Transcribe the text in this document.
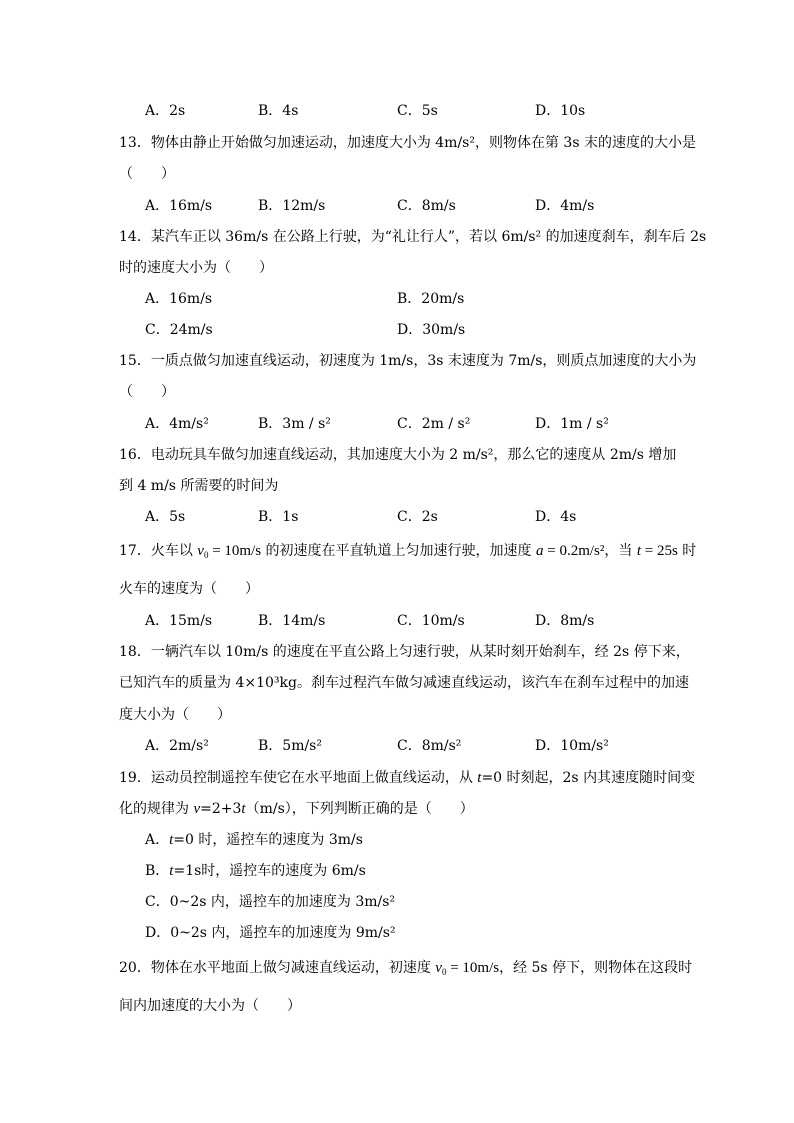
A．2s	B．4s	C．5s	D．10s
13．物体由静止开始做匀加速运动，加速度大小为 4m/s²，则物体在第 3s 末的速度的大小是
（　　）
A．16m/s	B．12m/s	C．8m/s	D．4m/s
14．某汽车正以 36m/s 在公路上行驶，为“礼让行人”，若以 6m/s² 的加速度刹车，刹车后 2s
时的速度大小为（　　）
A．16m/s	B．20m/s
C．24m/s	D．30m/s
15．一质点做匀加速直线运动，初速度为 1m/s，3s 末速度为 7m/s，则质点加速度的大小为
（　　）
A．4m/s²	B．3m / s²	C．2m / s²	D．1m / s²
16．电动玩具车做匀加速直线运动，其加速度大小为 2 m/s²，那么它的速度从 2m/s 增加
到 4 m/s 所需要的时间为
A．5s	B．1s	C．2s	D．4s
17．火车以 $v_0 = 10m/s$ 的初速度在平直轨道上匀加速行驶，加速度 a = 0.2m/s²，当 t = 25s 时
火车的速度为（　　）
A．15m/s	B．14m/s	C．10m/s	D．8m/s
18．一辆汽车以 10m/s 的速度在平直公路上匀速行驶，从某时刻开始刹车，经 2s 停下来，
已知汽车的质量为 4×10³kg。刹车过程汽车做匀减速直线运动，该汽车在刹车过程中的加速
度大小为（　　）
A．2m/s²	B．5m/s²	C．8m/s²	D．10m/s²
19．运动员控制遥控车使它在水平地面上做直线运动，从 t=0 时刻起，2s 内其速度随时间变
化的规律为 v=2+3t（m/s），下列判断正确的是（　　）
A．t=0 时，遥控车的速度为 3m/s
B．t=1s时，遥控车的速度为 6m/s
C．0~2s 内，遥控车的加速度为 3m/s²
D．0~2s 内，遥控车的加速度为 9m/s²
20．物体在水平地面上做匀减速直线运动，初速度 $v_0 = 10m/s$，经 5s 停下，则物体在这段时
间内加速度的大小为（　　）
